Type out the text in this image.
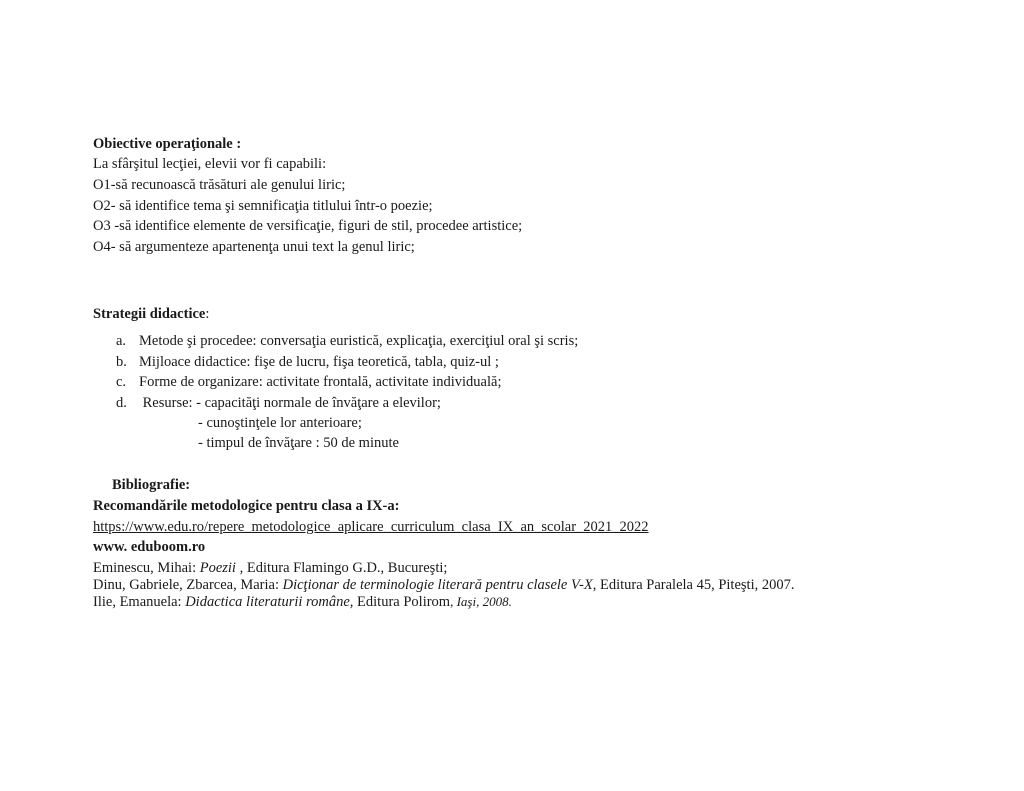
Obiective operaţionale :
La sfârşitul lecţiei, elevii vor fi capabili:
O1-să recunoască trăsături ale genului liric;
O2- să identifice tema şi semnificaţia titlului într-o poezie;
O3 -să identifice elemente de versificaţie, figuri de stil, procedee artistice;
O4- să argumenteze apartenenţa unui text la genul liric;
Strategii didactice:
a. Metode şi procedee: conversaţia euristică, explicaţia, exerciţiul oral şi scris;
b. Mijloace didactice: fişe de lucru, fişa teoretică, tabla, quiz-ul ;
c. Forme de organizare: activitate frontală, activitate individuală;
d. Resurse: - capacităţi normale de învăţare a elevilor;
- cunoştinţele lor anterioare;
- timpul de învăţare : 50 de minute
Bibliografie:
Recomandările metodologice pentru clasa a IX-a:
https://www.edu.ro/repere_metodologice_aplicare_curriculum_clasa_IX_an_scolar_2021_2022
www. eduboom.ro
Eminescu, Mihai: Poezii , Editura Flamingo G.D., Bucureşti;
Dinu, Gabriele, Zbarcea, Maria: Dicţionar de terminologie literară pentru clasele V-X, Editura Paralela 45, Piteşti, 2007.
Ilie, Emanuela: Didactica literaturii române, Editura Polirom, Iaşi, 2008.
